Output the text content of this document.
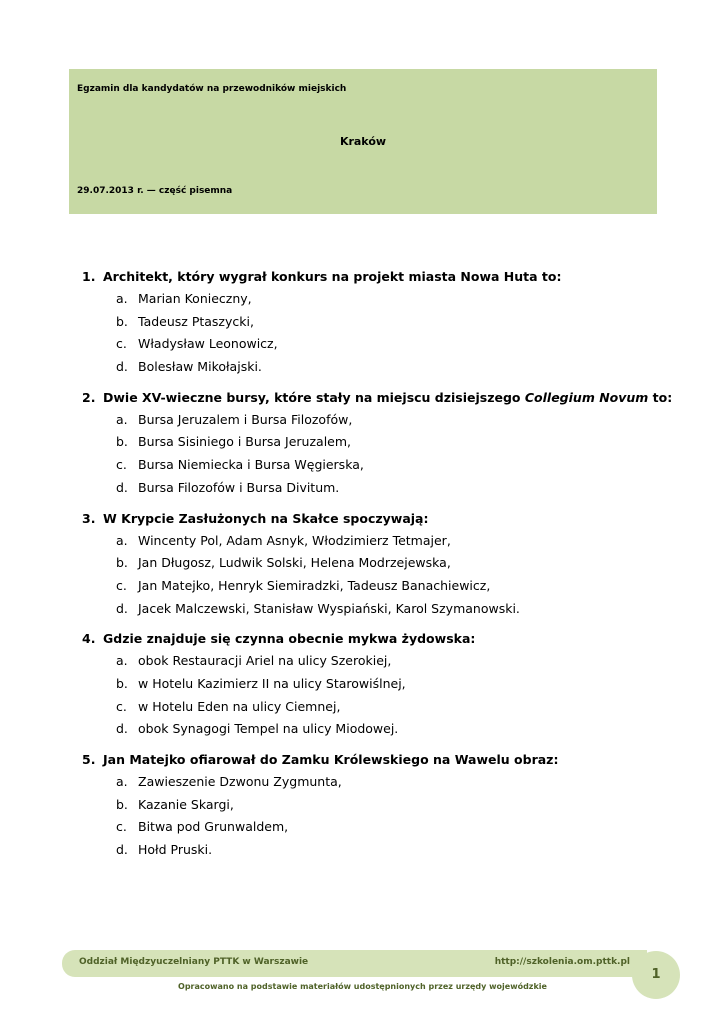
Egzamin dla kandydatów na przewodników miejskich
Kraków
29.07.2013 r. — część pisemna
1. Architekt, który wygrał konkurs na projekt miasta Nowa Huta to:
a. Marian Konieczny,
b. Tadeusz Ptaszycki,
c. Władysław Leonowicz,
d. Bolesław Mikołajski.
2. Dwie XV-wieczne bursy, które stały na miejscu dzisiejszego Collegium Novum to:
a. Bursa Jeruzalem i Bursa Filozofów,
b. Bursa Sisiniego i Bursa Jeruzalem,
c. Bursa Niemiecka i Bursa Węgierska,
d. Bursa Filozofów i Bursa Divitum.
3. W Krypcie Zasłużonych na Skałce spoczywają:
a. Wincenty Pol, Adam Asnyk, Włodzimierz Tetmajer,
b. Jan Długosz, Ludwik Solski, Helena Modrzejewska,
c. Jan Matejko, Henryk Siemiradzki, Tadeusz Banachiewicz,
d. Jacek Malczewski, Stanisław Wyspiański, Karol Szymanowski.
4. Gdzie znajduje się czynna obecnie mykwa żydowska:
a. obok Restauracji Ariel na ulicy Szerokiej,
b. w Hotelu Kazimierz II na ulicy Starowiślnej,
c. w Hotelu Eden na ulicy Ciemnej,
d. obok Synagogi Tempel na ulicy Miodowej.
5. Jan Matejko ofiarował do Zamku Królewskiego na Wawelu obraz:
a. Zawieszenie Dzwonu Zygmunta,
b. Kazanie Skargi,
c. Bitwa pod Grunwaldem,
d. Hołd Pruski.
Oddział Międzyuczelniany PTTK w Warszawie	http://szkolenia.om.pttk.pl
1
Opracowano na podstawie materiałów udostępnionych przez urzędy wojewódzkie
